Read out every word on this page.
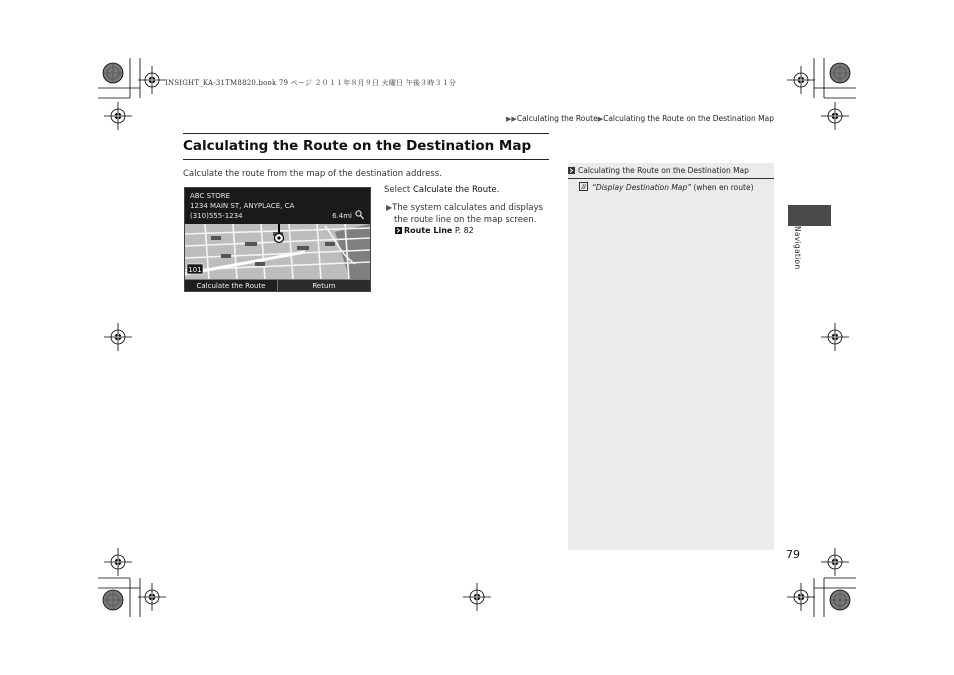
INSIGHT_KA-31TM8820.book 79 ページ ２０１１年８月９日 火曜日 午後３時３１分
▶▶Calculating the Route▶Calculating the Route on the Destination Map
Calculating the Route on the Destination Map
Calculate the route from the map of the destination address.
ABC STORE
1234 MAIN ST, ANYPLACE, CA
(310)555-1234	6.4mi
101
Calculate the Route	Return
Select Calculate the Route.
▶The system calculates and displays
the route line on the map screen.
Route Line P. 82
Calculating the Route on the Destination Map
“Display Destination Map” (when en route)
Navigation
79
